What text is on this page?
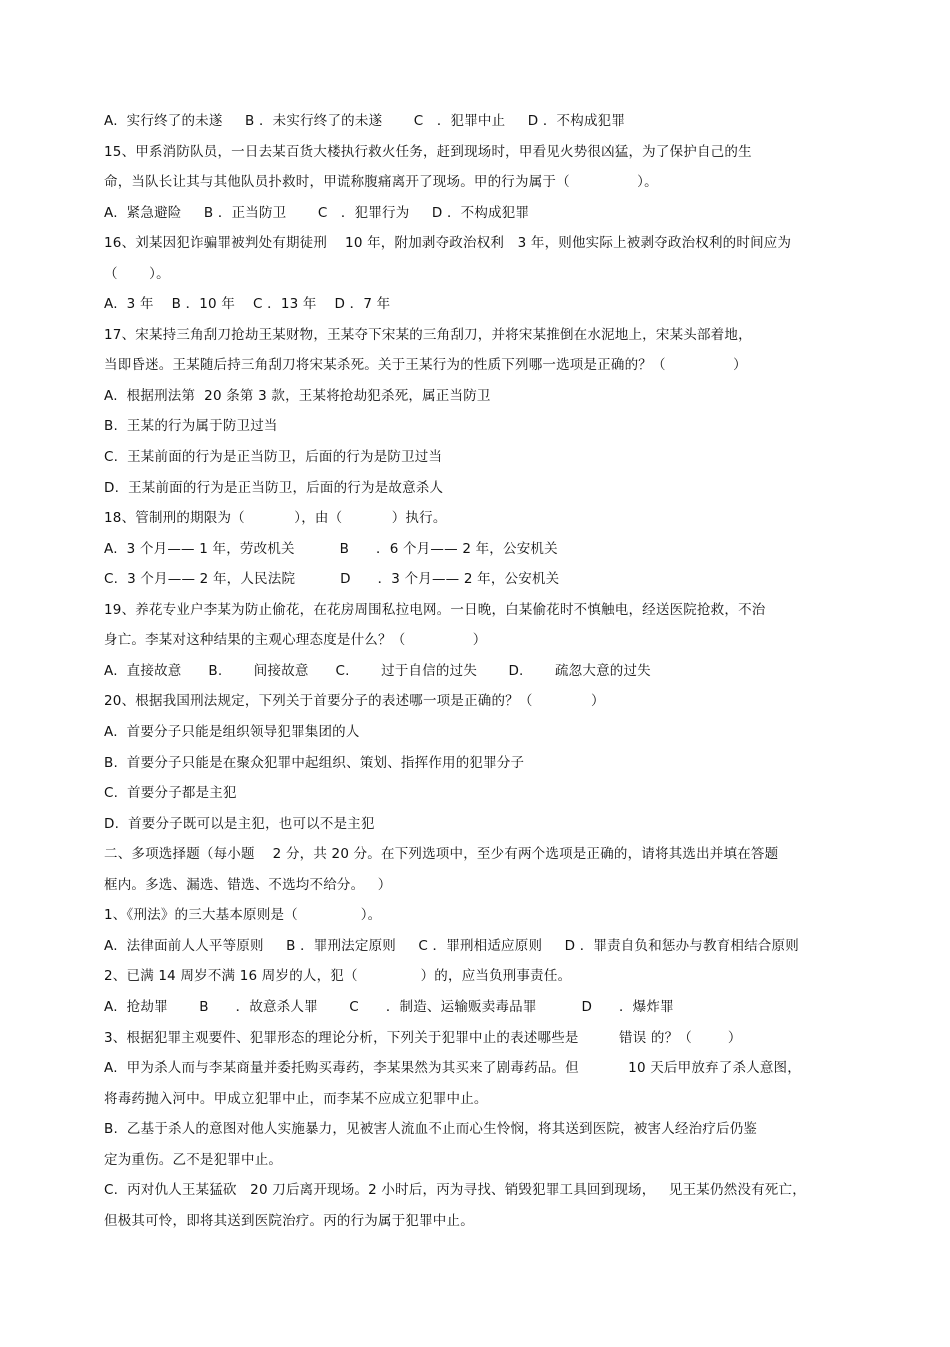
A.  实行终了的未遂     B ．未实行终了的未遂       C   ．犯罪中止     D ．不构成犯罪
15、甲系消防队员，一日去某百货大楼执行救火任务，赶到现场时，甲看见火势很凶猛，为了保护自己的生
命，当队长让其与其他队员扑救时，甲谎称腹痛离开了现场。甲的行为属于（               ）。
A.  紧急避险     B ．正当防卫       C   ．犯罪行为     D ．不构成犯罪
16、刘某因犯诈骗罪被判处有期徒刑    10 年，附加剥夺政治权利   3 年，则他实际上被剥夺政治权利的时间应为
（       ）。
A.  3 年    B ．10 年    C ．13 年    D ．7 年
17、宋某持三角刮刀抢劫王某财物，王某夺下宋某的三角刮刀，并将宋某推倒在水泥地上，宋某头部着地，
当即昏迷。王某随后持三角刮刀将宋某杀死。关于王某行为的性质下列哪一选项是正确的？（               ）
A.  根据刑法第  20 条第 3 款，王某将抢劫犯杀死，属正当防卫
B.  王某的行为属于防卫过当
C.  王某前面的行为是正当防卫，后面的行为是防卫过当
D.  王某前面的行为是正当防卫，后面的行为是故意杀人
18、管制刑的期限为（           ），由（           ）执行。
A.  3 个月—— 1 年，劳改机关          B      ．6 个月—— 2 年，公安机关
C.  3 个月—— 2 年，人民法院          D      ．3 个月—— 2 年，公安机关
19、养花专业户李某为防止偷花，在花房周围私拉电网。一日晚，白某偷花时不慎触电，经送医院抢救，不治
身亡。李某对这种结果的主观心理态度是什么？（               ）
A.  直接故意      B.       间接故意      C.       过于自信的过失       D.       疏忽大意的过失
20、根据我国刑法规定，下列关于首要分子的表述哪一项是正确的？（             ）
A.  首要分子只能是组织领导犯罪集团的人
B.  首要分子只能是在聚众犯罪中起组织、策划、指挥作用的犯罪分子
C.  首要分子都是主犯
D.  首要分子既可以是主犯，也可以不是主犯
二、多项选择题（每小题    2 分，共 20 分。在下列选项中，至少有两个选项是正确的，请将其选出并填在答题
框内。多选、漏选、错选、不选均不给分。   ）
1、《刑法》的三大基本原则是（              ）。
A.  法律面前人人平等原则     B ．罪刑法定原则     C ．罪刑相适应原则     D ．罪责自负和惩办与教育相结合原则
2、已满 14 周岁不满 16 周岁的人，犯（              ）的，应当负刑事责任。
A.  抢劫罪       B      ．故意杀人罪       C      ．制造、运输贩卖毒品罪          D      ．爆炸罪
3、根据犯罪主观要件、犯罪形态的理论分析，下列关于犯罪中止的表述哪些是         错误 的？（        ）
A.  甲为杀人而与李某商量并委托购买毒药，李某果然为其买来了剧毒药品。但           10 天后甲放弃了杀人意图，
将毒药抛入河中。甲成立犯罪中止，而李某不应成立犯罪中止。
B.  乙基于杀人的意图对他人实施暴力，见被害人流血不止而心生怜悯，将其送到医院，被害人经治疗后仍鉴
定为重伤。乙不是犯罪中止。
C.  丙对仇人王某猛砍   20 刀后离开现场。2 小时后，丙为寻找、销毁犯罪工具回到现场，   见王某仍然没有死亡，
但极其可怜，即将其送到医院治疗。丙的行为属于犯罪中止。
